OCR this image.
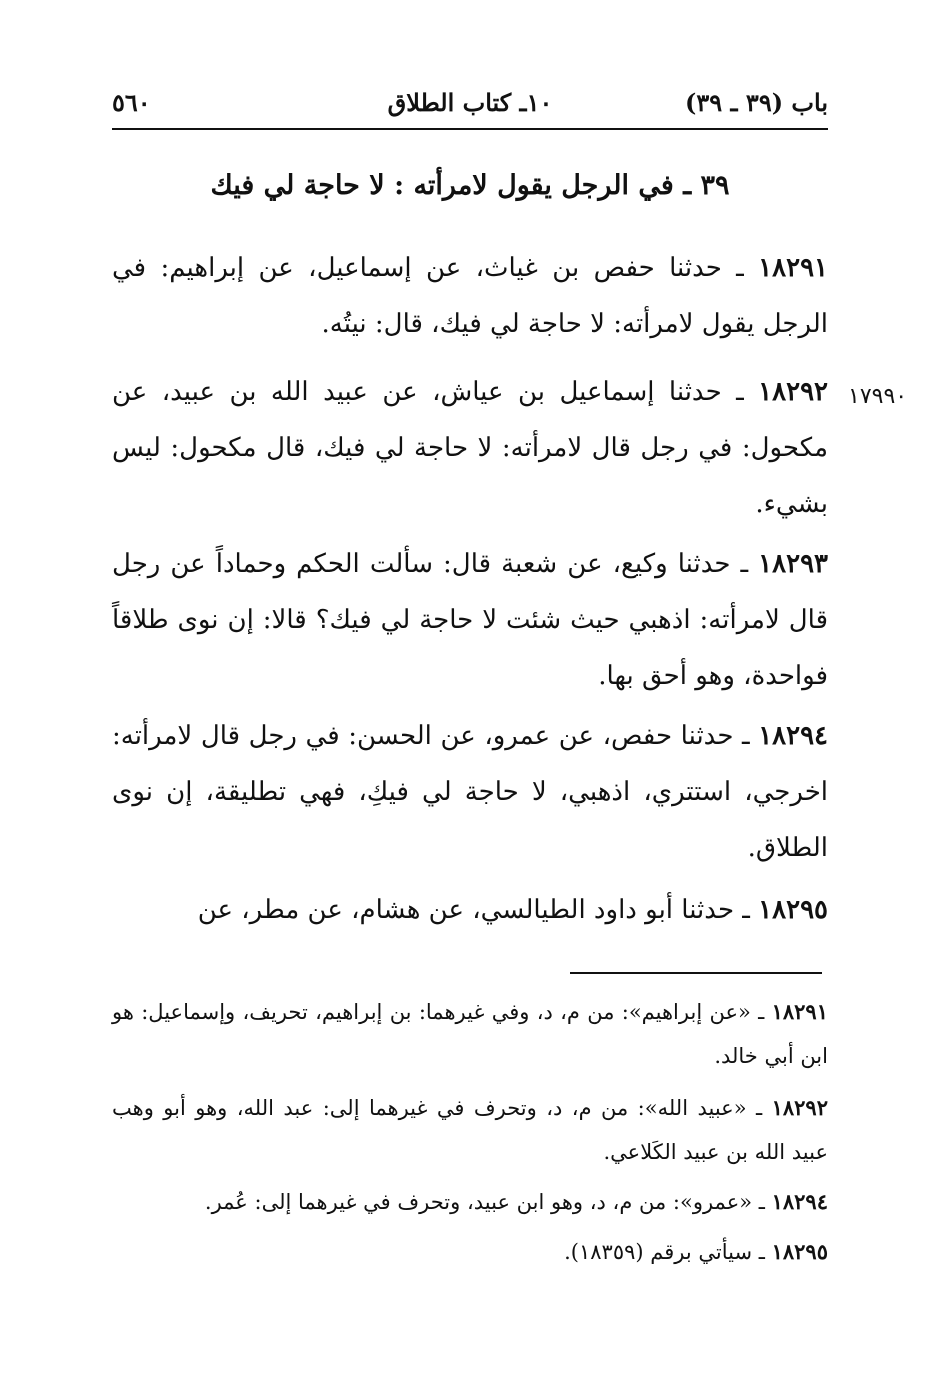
٥٦٠	١٠ـ كتاب الطلاق	باب (٣٩ ـ ٣٩)
٣٩ ـ في الرجل يقول لامرأته : لا حاجة لي فيك
١٧٩٩٠

١٨٢٩١ ـ حدثنا حفص بن غياث، عن إسماعيل، عن إبراهيم: في الرجل يقول لامرأته: لا حاجة لي فيك، قال: نيتُه.

١٨٢٩٢ ـ حدثنا إسماعيل بن عياش، عن عبيد الله بن عبيد، عن مكحول: في رجل قال لامرأته: لا حاجة لي فيك، قال مكحول: ليس بشيء.

١٨٢٩٣ ـ حدثنا وكيع، عن شعبة قال: سألت الحكم وحماداً عن رجل قال لامرأته: اذهبي حيث شئت لا حاجة لي فيك؟ قالا: إن نوى طلاقاً فواحدة، وهو أحق بها.

١٨٢٩٤ ـ حدثنا حفص، عن عمرو، عن الحسن: في رجل قال لامرأته: اخرجي، استتري، اذهبي، لا حاجة لي فيكِ، فهي تطليقة، إن نوى الطلاق.

١٨٢٩٥ ـ حدثنا أبو داود الطيالسي، عن هشام، عن مطر، عن

١٨٢٩١ ـ «عن إبراهيم»: من م، د، وفي غيرهما: بن إبراهيم، تحريف، وإسماعيل: هو ابن أبي خالد.

١٨٢٩٢ ـ «عبيد الله»: من م، د، وتحرف في غيرهما إلى: عبد الله، وهو أبو وهب عبيد الله بن عبيد الكَلاعي.

١٨٢٩٤ ـ «عمرو»: من م، د، وهو ابن عبيد، وتحرف في غيرهما إلى: عُمر.

١٨٢٩٥ ـ سيأتي برقم (١٨٣٥٩).
